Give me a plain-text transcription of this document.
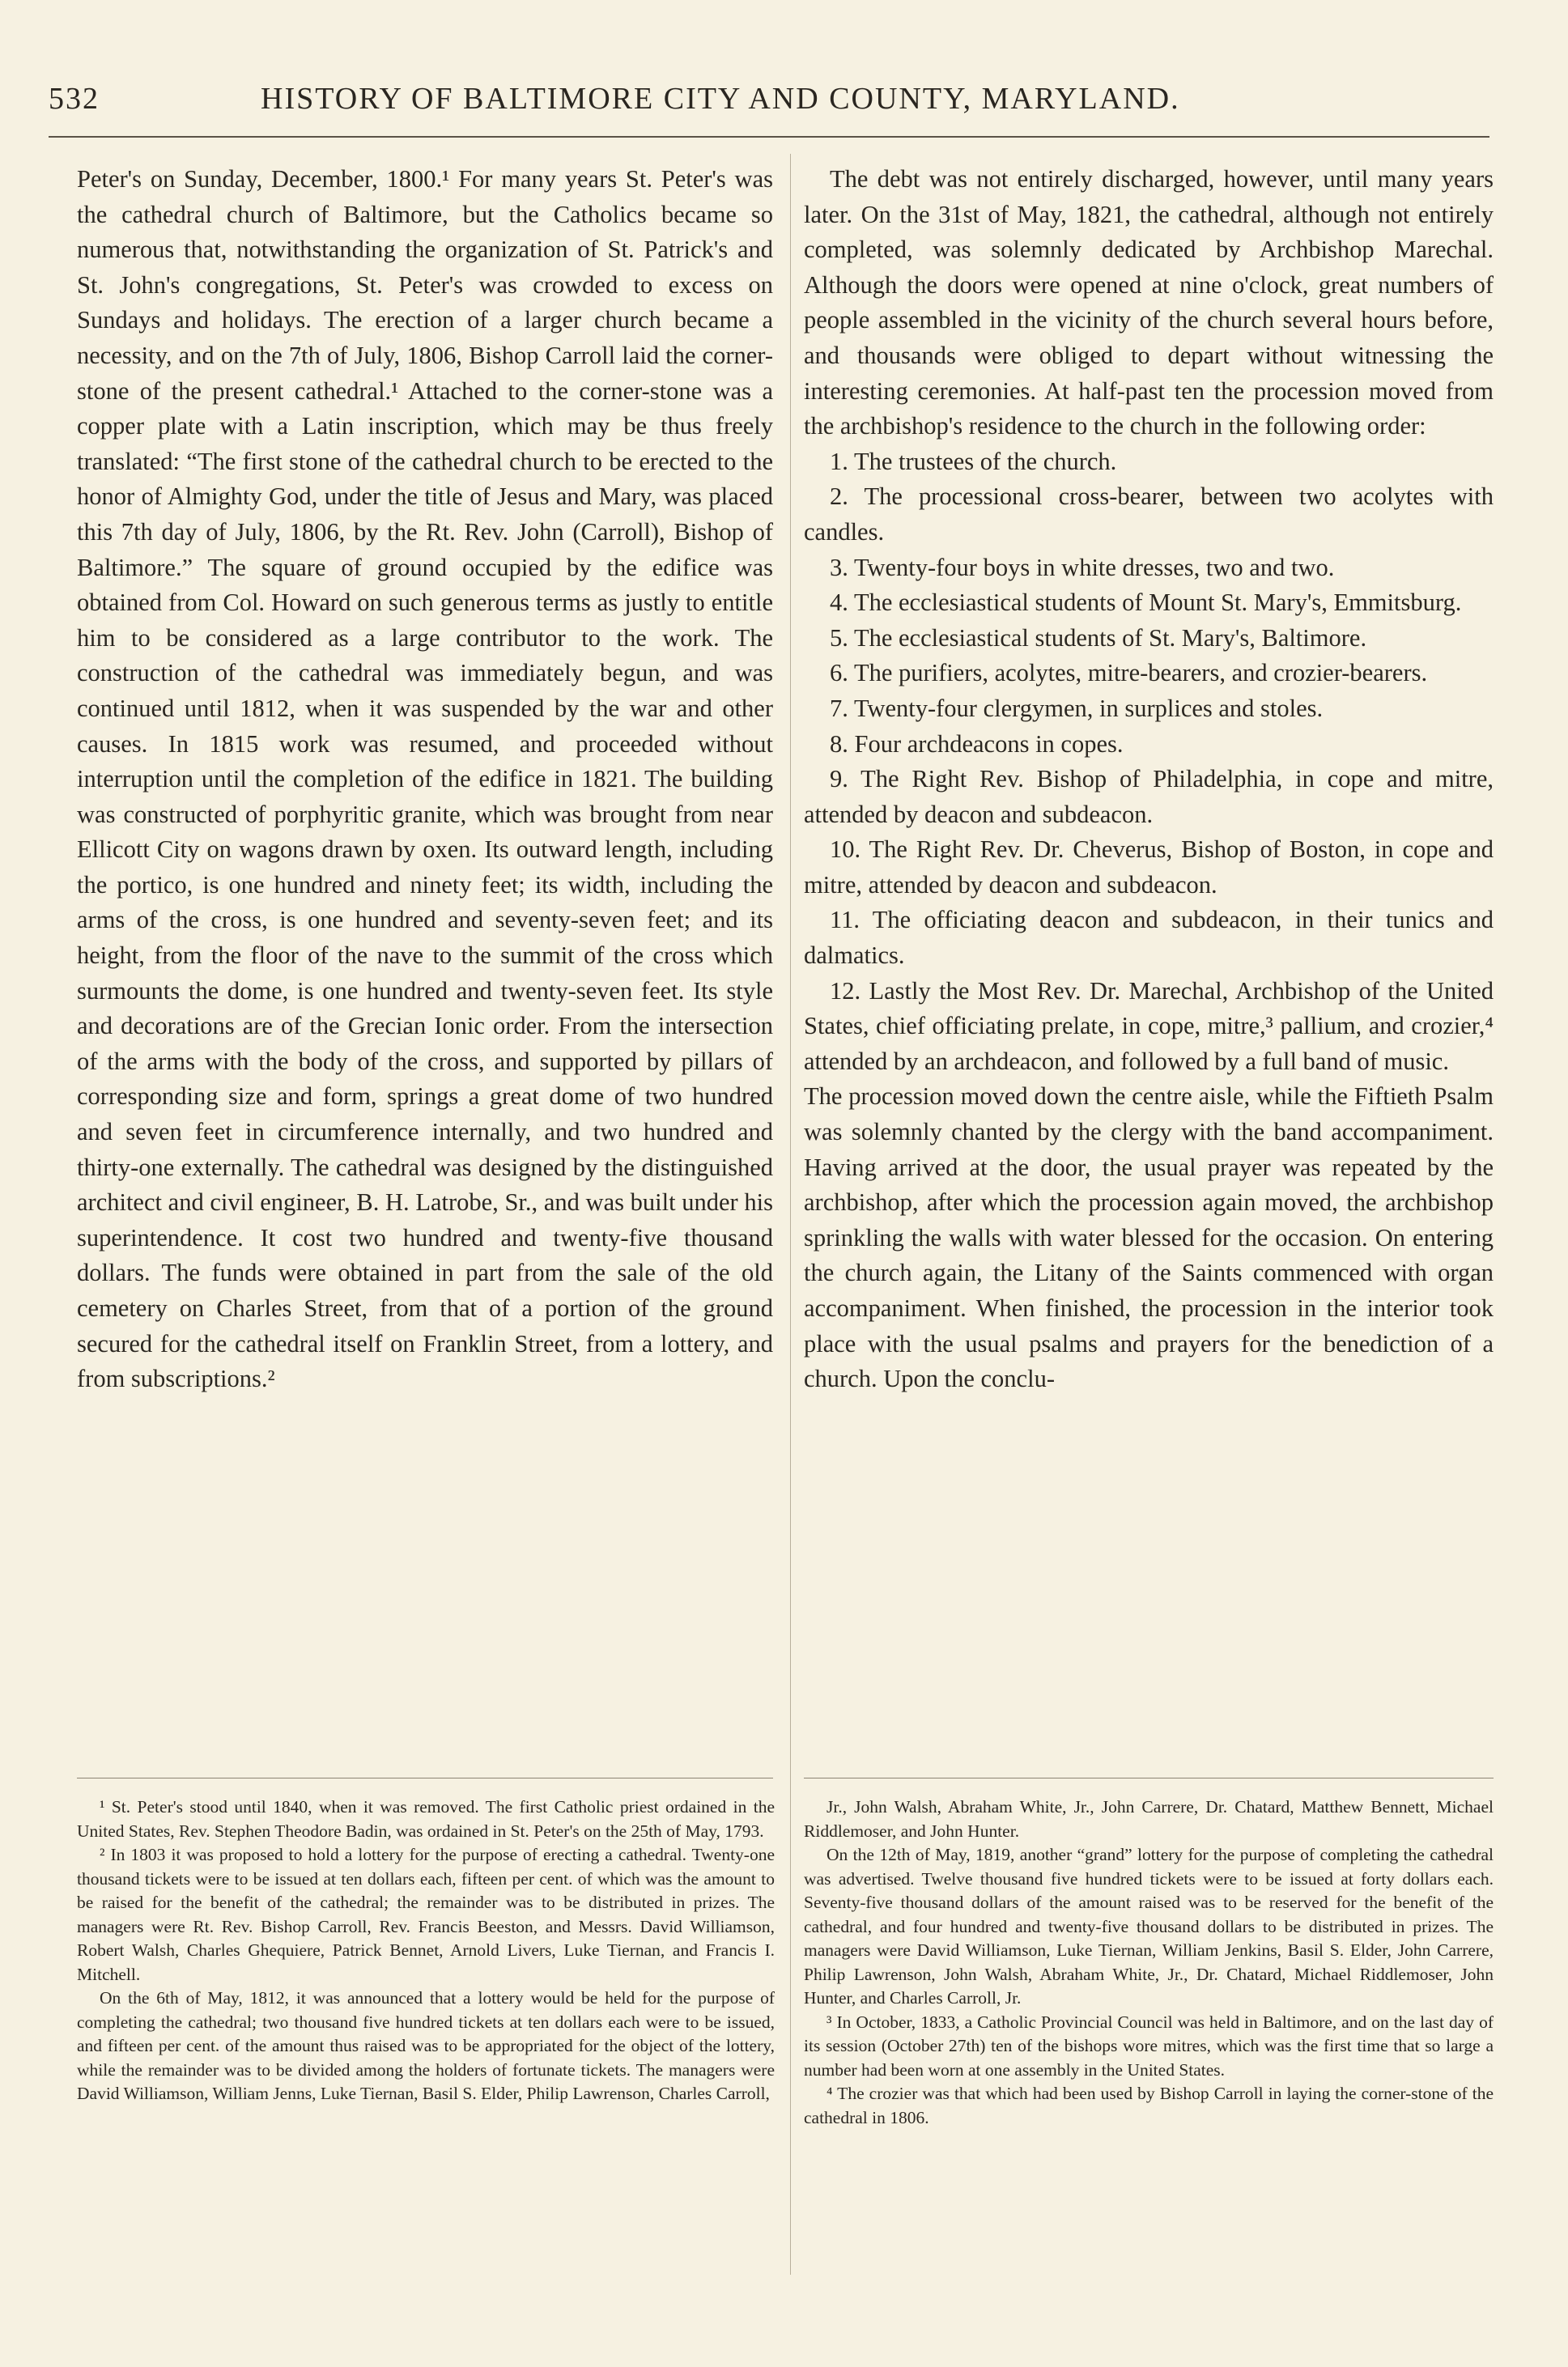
532	HISTORY OF BALTIMORE CITY AND COUNTY, MARYLAND.

Peter's on Sunday, December, 1800.¹ For many years St. Peter's was the cathedral church of Baltimore, but the Catholics became so numerous that, notwithstanding the organization of St. Patrick's and St. John's congregations, St. Peter's was crowded to excess on Sundays and holidays. The erection of a larger church became a necessity, and on the 7th of July, 1806, Bishop Carroll laid the corner-stone of the present cathedral.¹ Attached to the corner-stone was a copper plate with a Latin inscription, which may be thus freely translated: “The first stone of the cathedral church to be erected to the honor of Almighty God, under the title of Jesus and Mary, was placed this 7th day of July, 1806, by the Rt. Rev. John (Carroll), Bishop of Baltimore.” The square of ground occupied by the edifice was obtained from Col. Howard on such generous terms as justly to entitle him to be considered as a large contributor to the work. The construction of the cathedral was immediately begun, and was continued until 1812, when it was suspended by the war and other causes. In 1815 work was resumed, and proceeded without interruption until the completion of the edifice in 1821. The building was constructed of porphyritic granite, which was brought from near Ellicott City on wagons drawn by oxen. Its outward length, including the portico, is one hundred and ninety feet; its width, including the arms of the cross, is one hundred and seventy-seven feet; and its height, from the floor of the nave to the summit of the cross which surmounts the dome, is one hundred and twenty-seven feet. Its style and decorations are of the Grecian Ionic order. From the intersection of the arms with the body of the cross, and supported by pillars of corresponding size and form, springs a great dome of two hundred and seven feet in circumference internally, and two hundred and thirty-one externally. The cathedral was designed by the distinguished architect and civil engineer, B. H. Latrobe, Sr., and was built under his superintendence. It cost two hundred and twenty-five thousand dollars. The funds were obtained in part from the sale of the old cemetery on Charles Street, from that of a portion of the ground secured for the cathedral itself on Franklin Street, from a lottery, and from subscriptions.²

The debt was not entirely discharged, however, until many years later. On the 31st of May, 1821, the cathedral, although not entirely completed, was solemnly dedicated by Archbishop Marechal. Although the doors were opened at nine o'clock, great numbers of people assembled in the vicinity of the church several hours before, and thousands were obliged to depart without witnessing the interesting ceremonies. At half-past ten the procession moved from the archbishop's residence to the church in the following order:

1. The trustees of the church.

2. The processional cross-bearer, between two acolytes with candles.

3. Twenty-four boys in white dresses, two and two.

4. The ecclesiastical students of Mount St. Mary's, Emmitsburg.

5. The ecclesiastical students of St. Mary's, Baltimore.

6. The purifiers, acolytes, mitre-bearers, and crozier-bearers.

7. Twenty-four clergymen, in surplices and stoles.

8. Four archdeacons in copes.

9. The Right Rev. Bishop of Philadelphia, in cope and mitre, attended by deacon and subdeacon.

10. The Right Rev. Dr. Cheverus, Bishop of Boston, in cope and mitre, attended by deacon and subdeacon.

11. The officiating deacon and subdeacon, in their tunics and dalmatics.

12. Lastly the Most Rev. Dr. Marechal, Archbishop of the United States, chief officiating prelate, in cope, mitre,³ pallium, and crozier,⁴ attended by an archdeacon, and followed by a full band of music.

The procession moved down the centre aisle, while the Fiftieth Psalm was solemnly chanted by the clergy with the band accompaniment. Having arrived at the door, the usual prayer was repeated by the archbishop, after which the procession again moved, the archbishop sprinkling the walls with water blessed for the occasion. On entering the church again, the Litany of the Saints commenced with organ accompaniment. When finished, the procession in the interior took place with the usual psalms and prayers for the benediction of a church. Upon the conclu-

¹ St. Peter's stood until 1840, when it was removed. The first Catholic priest ordained in the United States, Rev. Stephen Theodore Badin, was ordained in St. Peter's on the 25th of May, 1793.

² In 1803 it was proposed to hold a lottery for the purpose of erecting a cathedral. Twenty-one thousand tickets were to be issued at ten dollars each, fifteen per cent. of which was the amount to be raised for the benefit of the cathedral; the remainder was to be distributed in prizes. The managers were Rt. Rev. Bishop Carroll, Rev. Francis Beeston, and Messrs. David Williamson, Robert Walsh, Charles Ghequiere, Patrick Bennet, Arnold Livers, Luke Tiernan, and Francis I. Mitchell.

On the 6th of May, 1812, it was announced that a lottery would be held for the purpose of completing the cathedral; two thousand five hundred tickets at ten dollars each were to be issued, and fifteen per cent. of the amount thus raised was to be appropriated for the object of the lottery, while the remainder was to be divided among the holders of fortunate tickets. The managers were David Williamson, William Jenns, Luke Tiernan, Basil S. Elder, Philip Lawrenson, Charles Carroll,

Jr., John Walsh, Abraham White, Jr., John Carrere, Dr. Chatard, Matthew Bennett, Michael Riddlemoser, and John Hunter.

On the 12th of May, 1819, another “grand” lottery for the purpose of completing the cathedral was advertised. Twelve thousand five hundred tickets were to be issued at forty dollars each. Seventy-five thousand dollars of the amount raised was to be reserved for the benefit of the cathedral, and four hundred and twenty-five thousand dollars to be distributed in prizes. The managers were David Williamson, Luke Tiernan, William Jenkins, Basil S. Elder, John Carrere, Philip Lawrenson, John Walsh, Abraham White, Jr., Dr. Chatard, Michael Riddlemoser, John Hunter, and Charles Carroll, Jr.

³ In October, 1833, a Catholic Provincial Council was held in Baltimore, and on the last day of its session (October 27th) ten of the bishops wore mitres, which was the first time that so large a number had been worn at one assembly in the United States.

⁴ The crozier was that which had been used by Bishop Carroll in laying the corner-stone of the cathedral in 1806.
